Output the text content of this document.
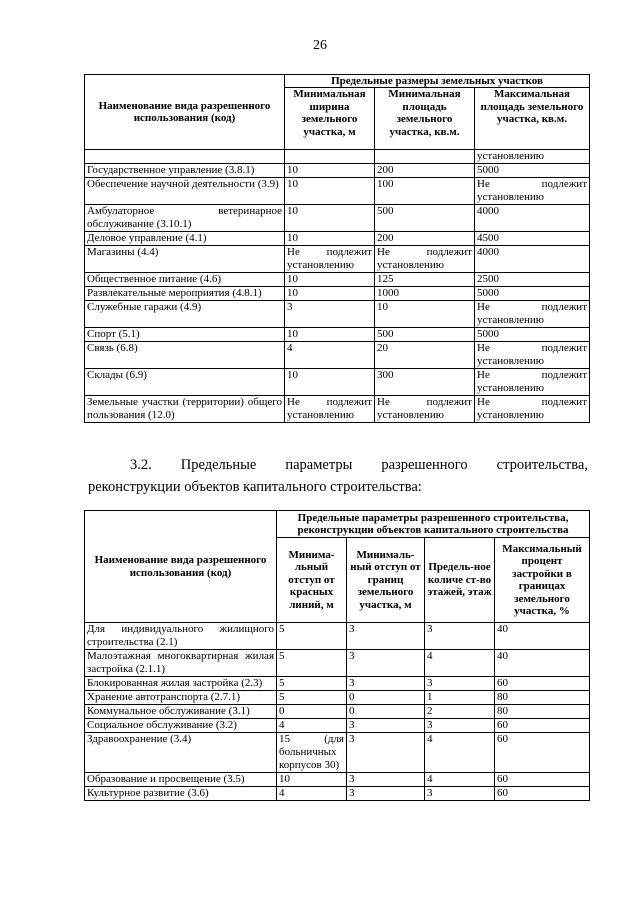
26
Наименование вида разрешенного использования (код)	Предельные размеры земельных участков		
	Минимальная ширина земельного участка, м	Минимальная площадь земельного участка, кв.м.	Максимальная площадь земельного участка, кв.м.
			установлению
Государственное управление (3.8.1)	10	200	5000
Обеспечение научной деятельности (3.9)	10	100	Не подлежит установлению
Амбулаторное ветеринарное обслуживание (3.10.1)	10	500	4000
Деловое управление (4.1)	10	200	4500
Магазины (4.4)	Не подлежит установлению	Не подлежит установлению	4000
Общественное питание (4.6)	10	125	2500
Развлекательные мероприятия (4.8.1)	10	1000	5000
Служебные гаражи (4.9)	3	10	Не подлежит установлению
Спорт (5.1)	10	500	5000
Связь (6.8)	4	20	Не подлежит установлению
Склады (6.9)	10	300	Не подлежит установлению
Земельные участки (территории) общего пользования (12.0)	Не подлежит установлению	Не подлежит установлению	Не подлежит установлению
3.2. Предельные параметры разрешенного строительства,
реконструкции объектов капитального строительства:
Наименование вида разрешенного использования (код)	Предельные параметры разрешенного строительства, реконструкции объектов капитального строительства			
	Минима-льный отступ от красных линий, м	Минималь-ный отступ от границ земельного участка, м	Предель-ное количе ст-во этажей, этаж	Максимальный процент застройки в границах земельного участка, %
Для индивидуального жилищного строительства (2.1)	5	3	3	40
Малоэтажная многоквартирная жилая застройка (2.1.1)	5	3	4	40
Блокированная жилая застройка (2.3)	5	3	3	60
Хранение автотранспорта (2.7.1)	5	0	1	80
Коммунальное обслуживание (3.1)	0	0	2	80
Социальное обслуживание (3.2)	4	3	3	60
Здравоохранение (3.4)	15 (для больничных корпусов 30)	3	4	60
Образование и просвещение (3.5)	10	3	4	60
Культурное развитие (3.6)	4	3	3	60
